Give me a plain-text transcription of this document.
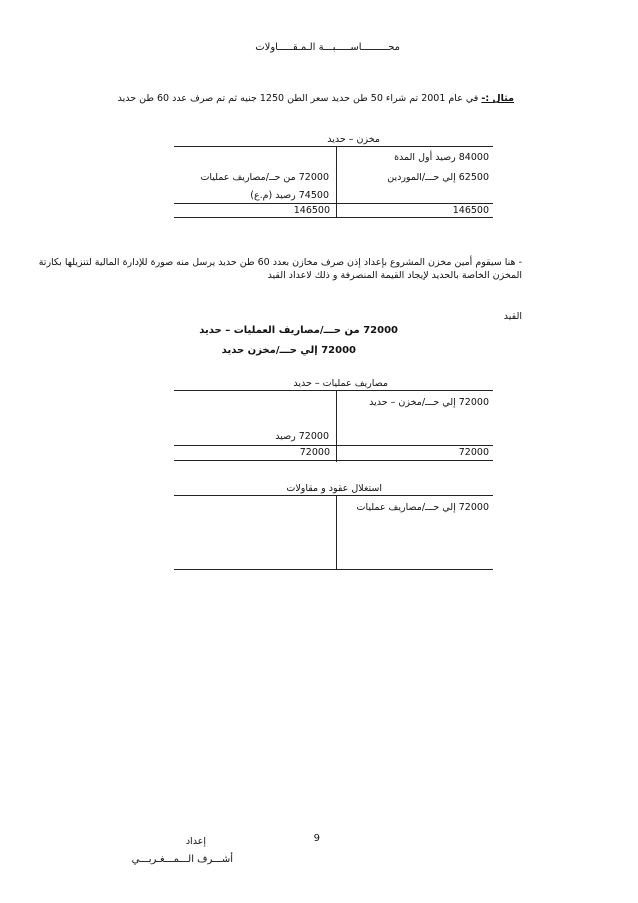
محـــــــــاســـــبـــة الـمـقـــــاولات
مثال :- في عام 2001 تم شراء 50 طن حديد سعر الطن 1250 جنيه ثم تم صرف عدد 60 طن حديد
مخزن – حديد
84000 رصيد أول المدة
62500 إلي حـــ/الموردين
72000 من حــ/مصاريف عمليات
74500 رصيد (م.ع)
146500
146500
- هنا سيقوم أمين مخزن المشروع بإعداد إذن صرف مخازن بعدد 60 طن حديد يرسل منه صورة للإدارة المالية لتنزيلها بكارتة
المخزن الخاصة بالحديد لإيجاد القيمة المنصرفة و ذلك لاعداد القيد
القيد
72000 من حـــ/مصاريف العمليات – حديد
72000 إلي حـــ/مخزن حديد
مصاريف عمليات – حديد
72000 إلي حـــ/مخزن – حديد
72000 رصيد
72000
72000
استغلال عقود و مقاولات
72000 إلي حـــ/مصاريف عمليات
9
إعداد
أشـــرف الـــمـــغـربـــي
